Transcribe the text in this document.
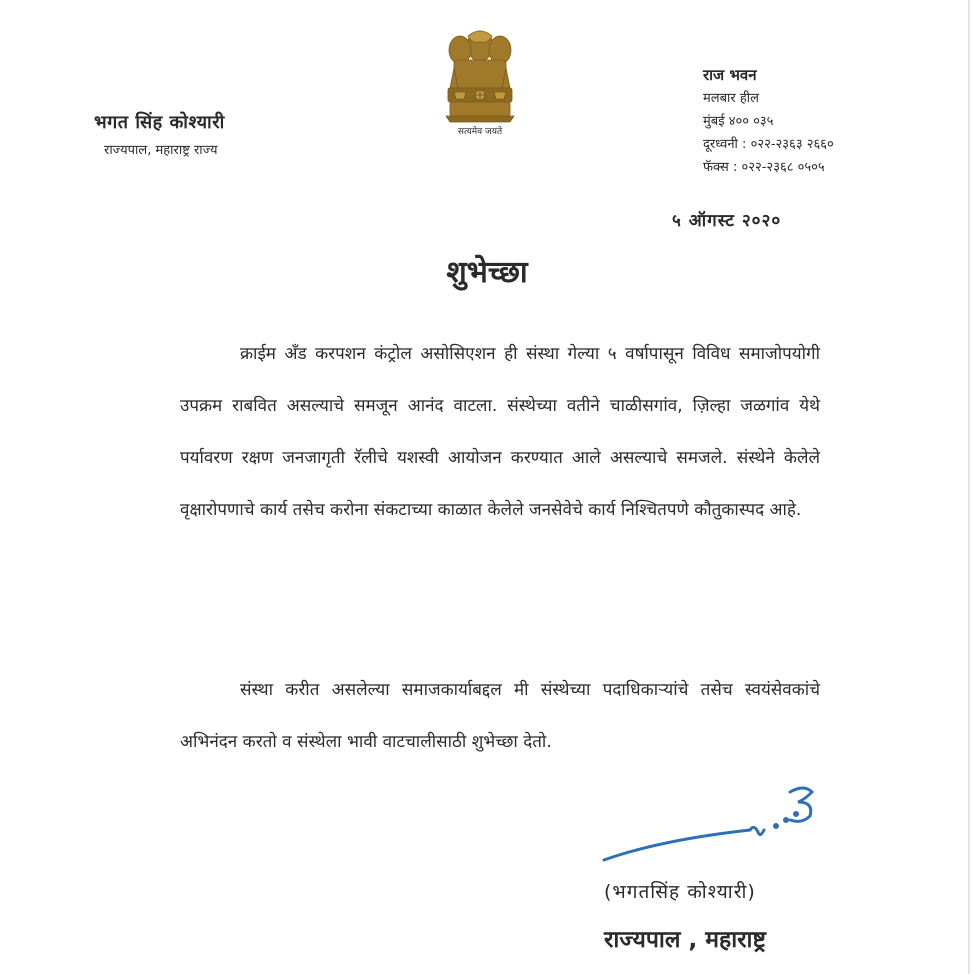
भगत सिंह कोश्यारी
राज्यपाल, महाराष्ट्र राज्य
सत्यमेव जयते
राज भवन
मलबार हील
मुंबई ४०० ०३५
दूरध्वनी : ०२२-२३६३ २६६०
फॅक्स : ०२२-२३६८ ०५०५
५ ऑगस्ट २०२०
शुभेच्छा

क्राईम अँड करपशन कंट्रोल असोसिएशन ही संस्था गेल्या ५ वर्षापासून विविध समाजोपयोगी उपक्रम राबवित असल्याचे समजून आनंद वाटला. संस्थेच्या वतीने चाळीसगांव, ज़िल्हा जळगांव येथे पर्यावरण रक्षण जनजागृती रॅलीचे यशस्वी आयोजन करण्यात आले असल्याचे समजले. संस्थेने केलेले वृक्षारोपणाचे कार्य तसेच करोना संकटाच्या काळात केलेले जनसेवेचे कार्य निश्चितपणे कौतुकास्पद आहे.

संस्था करीत असलेल्या समाजकार्याबद्दल मी संस्थेच्या पदाधिकाऱ्यांचे तसेच स्वयंसेवकांचे अभिनंदन करतो व संस्थेला भावी वाटचालीसाठी शुभेच्छा देतो.

(भगतसिंह कोश्यारी)
राज्यपाल , महाराष्ट्र
